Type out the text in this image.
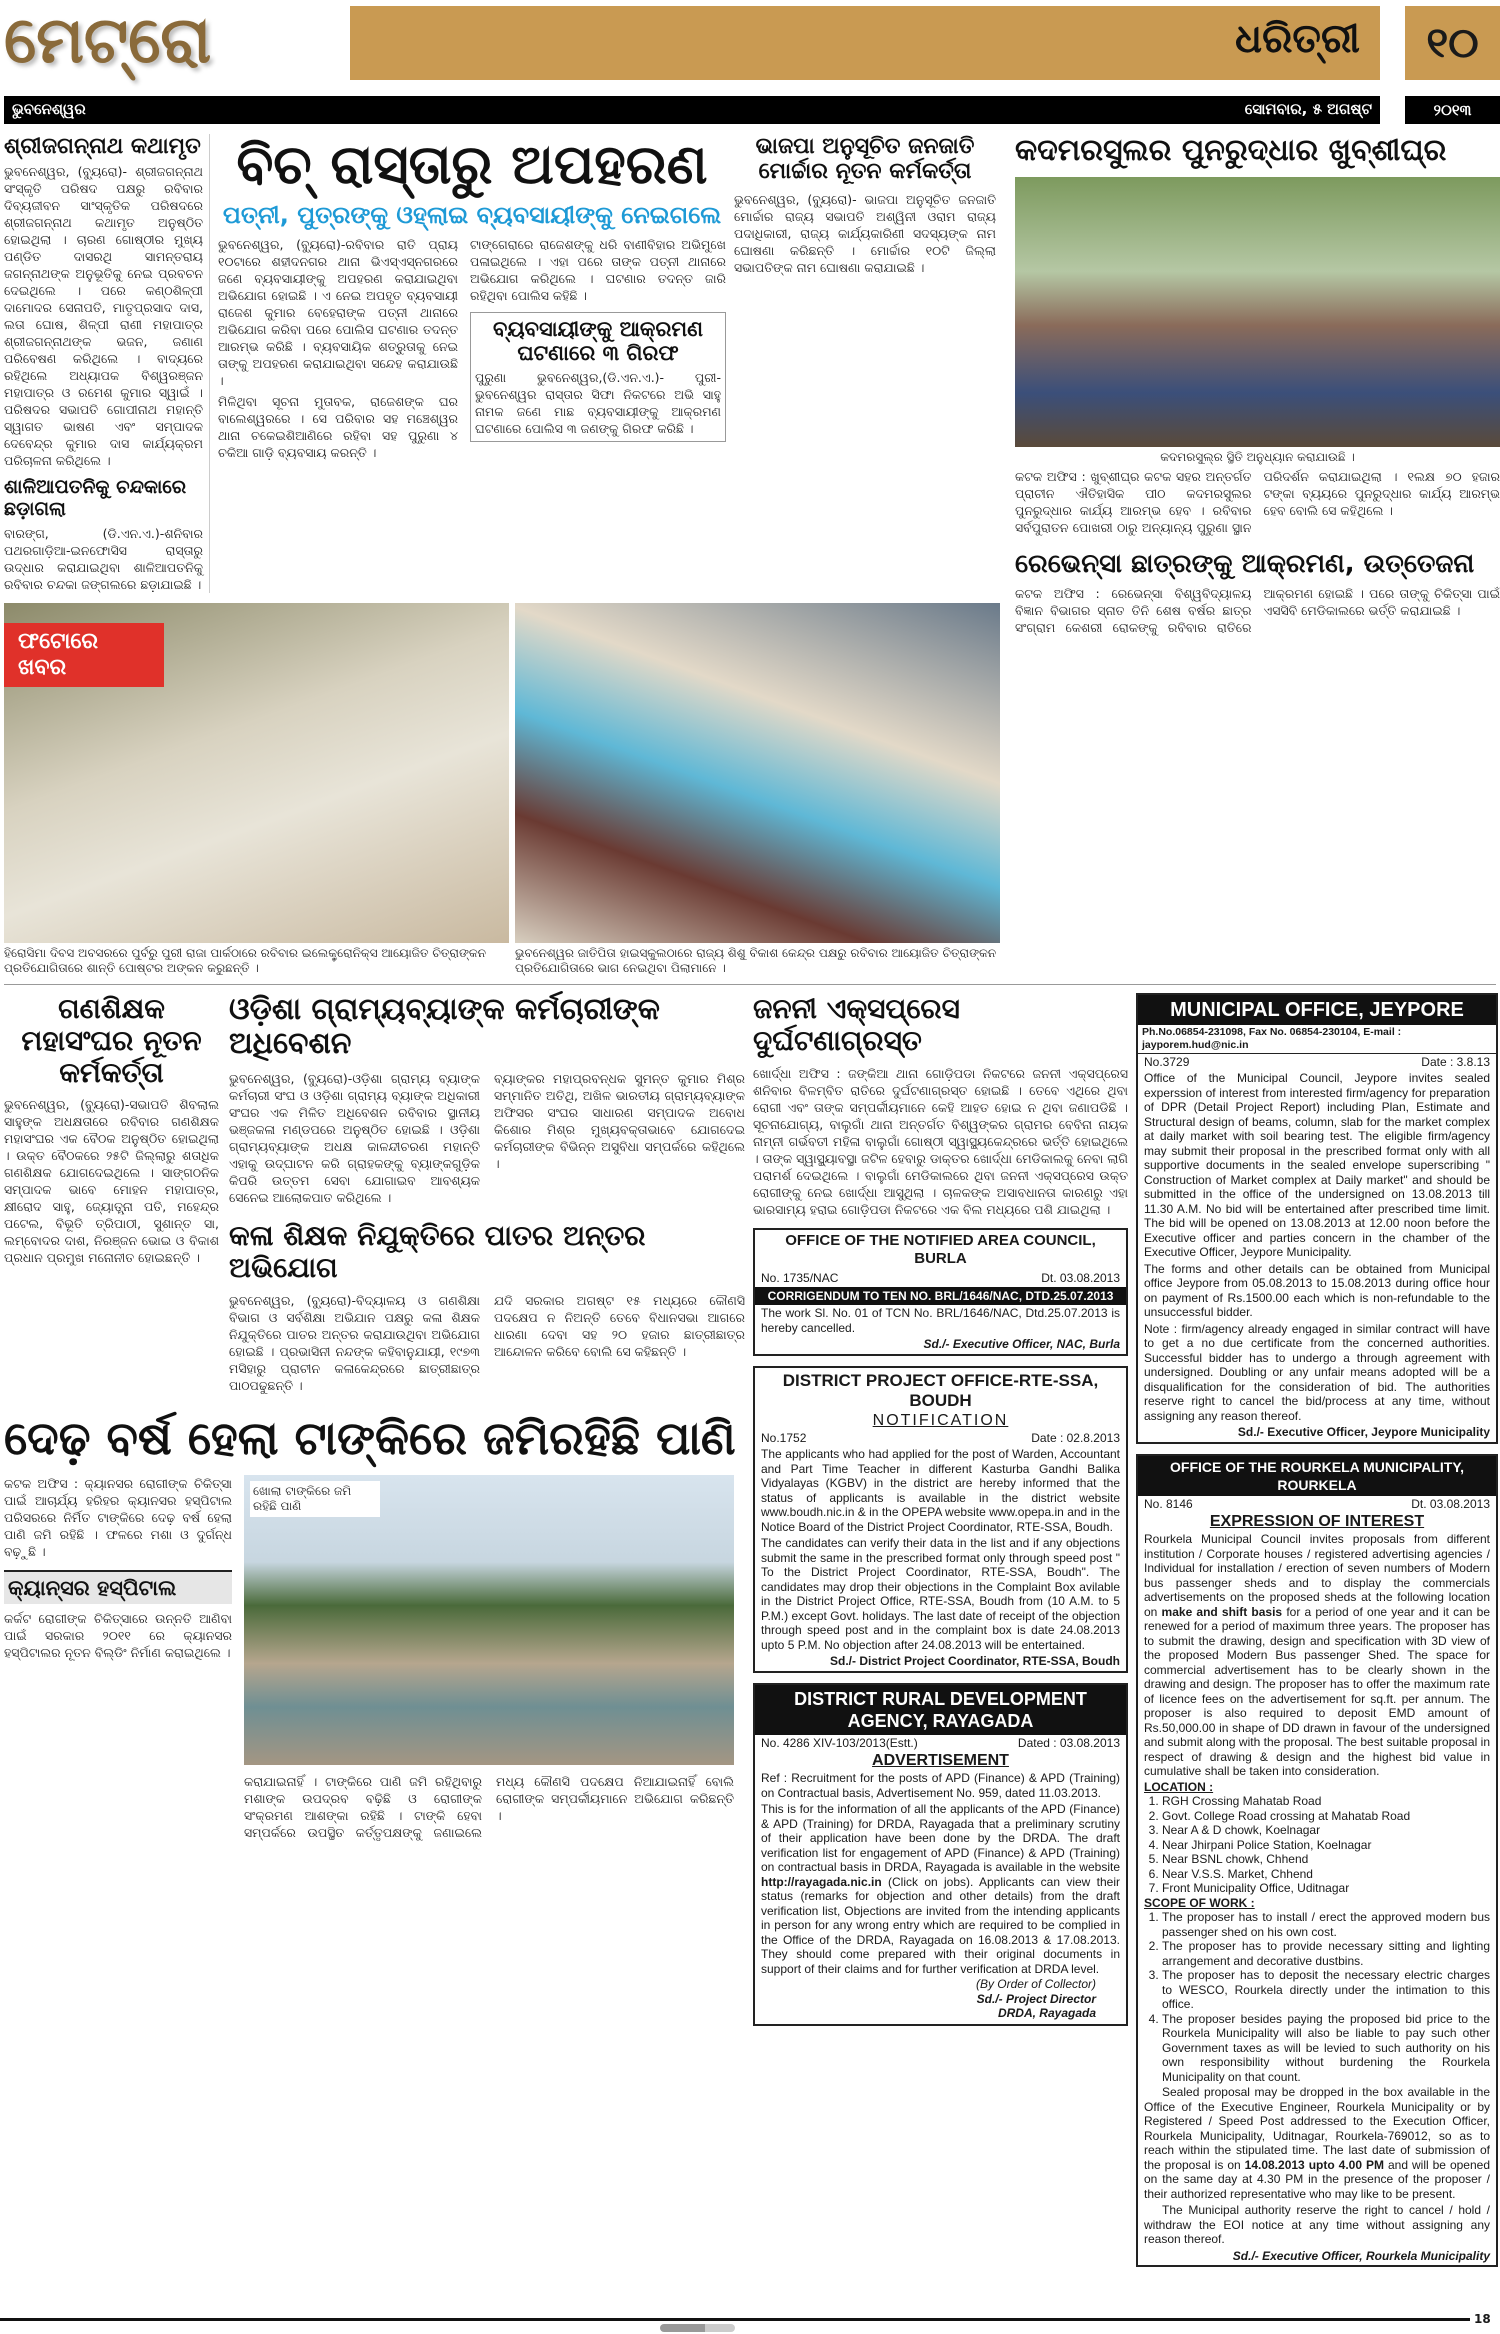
ମେଟ୍ରୋ	ଧରିତ୍ରୀ	୧୦
ଭୁବନେଶ୍ୱର	ସୋମବାର, ୫ ଅଗଷ୍ଟ	୨୦୧୩
ଶ୍ରୀଜଗନ୍ନାଥ କଥାମୃତ
ଭୁବନେଶ୍ୱର, (ବ୍ୟୁରୋ)- ଶ୍ରୀଜଗନ୍ନାଥ ସଂସ୍କୃତି ପରିଷଦ ପକ୍ଷରୁ ରବିବାର ଦିବ୍ୟଜୀବନ ସାଂସ୍କୃତିକ ପରିଷଦରେ ଶ୍ରୀଜଗନ୍ନାଥ କଥାମୃତ ଅନୁଷ୍ଠିତ ହୋଇଥିଲା । ଚାରଣ ଗୋଷ୍ଠୀର ମୁଖ୍ୟ ପଣ୍ଡିତ ଦାସରଥି ସାମନ୍ତରାୟ ଜଗନ୍ନାଥଙ୍କ ଅନୁଭୂତିକୁ ନେଇ ପ୍ରବଚନ ଦେଇଥିଲେ । ପରେ କଣ୍ଠଶିଳ୍ପୀ ଦାମୋଦର ସେନାପତି, ମାତୃପ୍ରସାଦ ଦାସ, ଲତା ଘୋଷ, ଶିଳ୍ପୀ ରାଣୀ ମହାପାତ୍ର ଶ୍ରୀଜଗନ୍ନାଥଙ୍କ ଭଜନ, ଜଣାଣ ପରିବେଷଣ କରିଥିଲେ । ବାଦ୍ୟରେ ରହିଥିଲେ ଅଧ୍ୟାପକ ବିଶ୍ୱରଞ୍ଜନ ମହାପାତ୍ର ଓ ରମେଶ କୁମାର ସ୍ୱାଇଁ । ପରିଷଦର ସଭାପତି ଗୋପୀନାଥ ମହାନ୍ତି ସ୍ୱାଗତ ଭାଷଣ ଏବଂ ସମ୍ପାଦକ ଦେବେନ୍ଦ୍ର କୁମାର ଦାସ କାର୍ଯ୍ୟକ୍ରମ ପରିଚାଳନା କରିଥିଲେ ।
ଶାଳିଆପତନିକୁ ଚନ୍ଦକାରେ ଛଡ଼ାଗଲା
ବାରଙ୍ଗ, (ଡି.ଏନ.ଏ.)-ଶନିବାର ପଥରଗାଡ଼ିଆ-ଇନଫୋସିସ ରାସ୍ତାରୁ ଉଦ୍ଧାର କରାଯାଇଥିବା ଶାଳିଆପତନିକୁ ରବିବାର ଚନ୍ଦକା ଜଙ୍ଗଲରେ ଛଡ଼ାଯାଇଛି ।
ବିଚ୍ ରାସ୍ତାରୁ ଅପହରଣ
ପତ୍ନୀ, ପୁତ୍ରଙ୍କୁ ଓହ୍ଲାଇ ବ୍ୟବସାୟୀଙ୍କୁ ନେଇଗଲେ
ଭୁବନେଶ୍ୱର, (ବ୍ୟୁରୋ)-ରବିବାର ରାତି ପ୍ରାୟ ୧୦ଟାରେ ଶହୀଦନଗର ଥାନା ଭିଏସ୍‌ଏସ୍‌ନଗରରେ ଜଣେ ବ୍ୟବସାୟୀଙ୍କୁ ଅପହରଣ କରାଯାଇଥିବା ଅଭିଯୋଗ ହୋଇଛି । ଏ ନେଇ ଅପହୃତ ବ୍ୟବସାୟୀ ରାଜେଶ କୁମାର ବେହେରାଙ୍କ ପତ୍ନୀ ଥାନାରେ ଅଭିଯୋଗ କରିବା ପରେ ପୋଲିସ ଘଟଣାର ତଦନ୍ତ ଆରମ୍ଭ କରିଛି । ବ୍ୟବସାୟିକ ଶତ୍ରୁତାକୁ ନେଇ ତାଙ୍କୁ ଅପହରଣ କରାଯାଇଥିବା ସନ୍ଦେହ କରାଯାଉଛି ।
ମିଳିଥିବା ସୂଚନା ମୁତାବକ, ରାଜେଶଙ୍କ ଘର ବାଲେଶ୍ୱରରେ । ସେ ପରିବାର ସହ ମଞ୍ଚେଶ୍ୱର ଥାନା ଚକେଇଶିଆଣିରେ ରହିବା ସହ ପୁରୁଣା ୪ ଚକିଆ ଗାଡ଼ି ବ୍ୟବସାୟ କରନ୍ତି ।
ଟାଙ୍ଗେରାରେ ରାଜେଶଙ୍କୁ ଧରି ବାଣୀବିହାର ଅଭିମୁଖେ ପଳାଇଥିଲେ । ଏହା ପରେ ତାଙ୍କ ପତ୍ନୀ ଥାନାରେ ଅଭିଯୋଗ କରିଥିଲେ । ଘଟଣାର ତଦନ୍ତ ଜାରି ରହିଥିବା ପୋଲିସ କହିଛି ।
ବ୍ୟବସାୟୀଙ୍କୁ ଆକ୍ରମଣ ଘଟଣାରେ ୩ ଗିରଫ
ପୁରୁଣା ଭୁବନେଶ୍ୱର,(ଡି.ଏନ.ଏ.)- ପୁରୀ-ଭୁବନେଶ୍ୱର ରାସ୍ତାର ସିଫା ନିକଟରେ ଅଭି ସାହୁ ନାମକ ଜଣେ ମାଛ ବ୍ୟବସାୟୀଙ୍କୁ ଆକ୍ରମଣ ଘଟଣାରେ ପୋଲିସ ୩ ଜଣଙ୍କୁ ଗିରଫ କରିଛି ।
ଭାଜପା ଅନୁସୂଚିତ ଜନଜାତି ମୋର୍ଚ୍ଚାର ନୂତନ କର୍ମକର୍ତ୍ତା
ଭୁବନେଶ୍ୱର, (ବ୍ୟୁରୋ)- ଭାଜପା ଅନୁସୂଚିତ ଜନଜାତି ମୋର୍ଚ୍ଚାର ରାଜ୍ୟ ସଭାପତି ଅଶ୍ୱିନୀ ଓରାମ ରାଜ୍ୟ ପଦାଧିକାରୀ, ରାଜ୍ୟ କାର୍ଯ୍ୟକାରିଣୀ ସଦସ୍ୟଙ୍କ ନାମ ଘୋଷଣା କରିଛନ୍ତି । ମୋର୍ଚ୍ଚାର ୧୦ଟି ଜିଲ୍ଲା ସଭାପତିଙ୍କ ନାମ ଘୋଷଣା କରାଯାଇଛି ।
ଫଟୋରେ ଖବର
ହିରୋସିମା ଦିବସ ଅବସରରେ ପୁର୍ବରୁ ପୁରୀ ରାଜା ପାର୍କଠାରେ ରବିବାର ଇଲେକ୍ଟ୍ରୋନିକ୍ସ ଆୟୋଜିତ ଚିତ୍ରାଙ୍କନ ପ୍ରତିଯୋଗିତାରେ ଶାନ୍ତି ପୋଷ୍ଟର ଅଙ୍କନ କରୁଛନ୍ତି ।
ଭୁବନେଶ୍ୱର ଜାତିପିତା ହାଇସ୍କୁଲଠାରେ ରାଜ୍ୟ ଶିଶୁ ବିକାଶ କେନ୍ଦ୍ର ପକ୍ଷରୁ ରବିବାର ଆୟୋଜିତ ଚିତ୍ରାଙ୍କନ ପ୍ରତିଯୋଗିତାରେ ଭାଗ ନେଇଥିବା ପିଲାମାନେ ।
କଦମରସୁଲର ପୁନରୁଦ୍ଧାର ଖୁବ୍‌ଶୀଘ୍ର
କଦମରସୁଲ୍‌ର ସ୍ଥିତି ଅନୁଧ୍ୟାନ କରାଯାଉଛି ।
କଟକ ଅଫିସ : ଖୁବ୍‌ଶୀଘ୍ର କଟକ ସହର ଅନ୍ତର୍ଗତ ପ୍ରାଚୀନ ଐତିହାସିକ ପୀଠ କଦମରସୁଲର ପୁନରୁଦ୍ଧାର କାର୍ଯ୍ୟ ଆରମ୍ଭ ହେବ । ରବିବାର ସର୍ବପୁରାତନ ପୋଖରୀ ଠାରୁ ଅନ୍ୟାନ୍ୟ ପୁରୁଣା ସ୍ଥାନ ପରିଦର୍ଶନ କରାଯାଇଥିଲା । ୧ଲକ୍ଷ ୭୦ ହଜାର ଟଙ୍କା ବ୍ୟୟରେ ପୁନରୁଦ୍ଧାର କାର୍ଯ୍ୟ ଆରମ୍ଭ ହେବ ବୋଲି ସେ କହିଥିଲେ ।
ରେଭେନ୍ସା ଛାତ୍ରଙ୍କୁ ଆକ୍ରମଣ, ଉତ୍ତେଜନା
କଟକ ଅଫିସ : ରେଭେନ୍ସା ବିଶ୍ୱବିଦ୍ୟାଳୟ ବିଜ୍ଞାନ ବିଭାଗର ସ୍ନାତ ତିନି ଶେଷ ବର୍ଷର ଛାତ୍ର ସଂଗ୍ରାମ କେଶରୀ ରୋକଙ୍କୁ ରବିବାର ରାତିରେ ଆକ୍ରମଣ ହୋଇଛି । ପରେ ତାଙ୍କୁ ଚିକିତ୍ସା ପାଇଁ ଏସସିବି ମେଡିକାଲରେ ଭର୍ତ୍ତି କରାଯାଇଛି ।
ଗଣଶିକ୍ଷକ ମହାସଂଘର ନୂତନ କର୍ମକର୍ତ୍ତା
ଭୁବନେଶ୍ୱର, (ବ୍ୟୁରୋ)-ସଭାପତି ଶିବଲାଲ ସାହୁଙ୍କ ଅଧକ୍ଷତାରେ ରବିବାର ଗଣଶିକ୍ଷକ ମହାସଂଘର ଏକ ବୈଠକ ଅନୁଷ୍ଠିତ ହୋଇଥିଲା । ଉକ୍ତ ବୈଠକରେ ୨୫ଟି ଜିଲ୍ଲାରୁ ଶତାଧିକ ଗଣଶିକ୍ଷକ ଯୋଗଦେଇଥିଲେ । ସାଙ୍ଗଠନିକ ସମ୍ପାଦକ ଭାବେ ମୋହନ ମହାପାତ୍ର, କ୍ଷୀରୋଦ ସାହୁ, ଜ୍ୟୋତ୍ସ୍ନା ପତି, ମହେନ୍ଦ୍ର ପଟେଲ, ବିଭୂତି ତ୍ରିପାଠୀ, ସୁଶାନ୍ତ ସା, ଲମ୍ବୋଦର ଦାଶ, ନିରଞ୍ଜନ ଭୋଇ ଓ ବିକାଶ ପ୍ରଧାନ ପ୍ରମୁଖ ମନୋନୀତ ହୋଇଛନ୍ତି ।
ଓଡ଼ିଶା ଗ୍ରାମ୍ୟବ୍ୟାଙ୍କ କର୍ମଚାରୀଙ୍କ ଅଧିବେଶନ
ଭୁବନେଶ୍ୱର, (ବ୍ୟୁରୋ)-ଓଡ଼ିଶା ଗ୍ରାମ୍ୟ ବ୍ୟାଙ୍କ କର୍ମଚାରୀ ସଂଘ ଓ ଓଡ଼ିଶା ଗ୍ରାମ୍ୟ ବ୍ୟାଙ୍କ ଅଧିକାରୀ ସଂଘର ଏକ ମିଳିତ ଅଧିବେଶନ ରବିବାର ସ୍ଥାନୀୟ ଭଞ୍ଜକଳା ମଣ୍ଡପରେ ଅନୁଷ୍ଠିତ ହୋଇଛି । ଓଡ଼ିଶା ଗ୍ରାମ୍ୟବ୍ୟାଙ୍କ ଅଧକ୍ଷ କାଳନ୍ଦୀଚରଣ ମହାନ୍ତି ଏହାକୁ ଉଦ୍‌ଘାଟନ କରି ଗ୍ରାହକଙ୍କୁ ବ୍ୟାଙ୍କଗୁଡ଼ିକ କିପରି ଉତ୍ତମ ସେବା ଯୋଗାଇବ ଆବଶ୍ୟକ ସେନେଇ ଆଲୋକପାତ କରିଥିଲେ ।
ବ୍ୟାଙ୍କର ମହାପ୍ରବନ୍ଧକ ସୁମନ୍ତ କୁମାର ମିଶ୍ର ସମ୍ମାନିତ ଅତିଥି, ଅଖିଳ ଭାରତୀୟ ଗ୍ରାମ୍ୟବ୍ୟାଙ୍କ ଅଫିସର ସଂଘର ସାଧାରଣ ସମ୍ପାଦକ ଅବୋଧ କିଶୋର ମିଶ୍ର ମୁଖ୍ୟବକ୍ତାଭାବେ ଯୋଗଦେଇ କର୍ମଚାରୀଙ୍କ ବିଭିନ୍ନ ଅସୁବିଧା ସମ୍ପର୍କରେ କହିଥିଲେ ।
କଳା ଶିକ୍ଷକ ନିଯୁକ୍ତିରେ ପାତର ଅନ୍ତର ଅଭିଯୋଗ
ଭୁବନେଶ୍ୱର, (ବ୍ୟୁରୋ)-ବିଦ୍ୟାଳୟ ଓ ଗଣଶିକ୍ଷା ବିଭାଗ ଓ ସର୍ବଶିକ୍ଷା ଅଭିଯାନ ପକ୍ଷରୁ କଳା ଶିକ୍ଷକ ନିଯୁକ୍ତିରେ ପାତର ଅନ୍ତର କରାଯାଉଥିବା ଅଭିଯୋଗ ହୋଇଛି । ପ୍ରଭାସିନୀ ନନ୍ଦଙ୍କ କହିବାନୁଯାୟୀ, ୧୯୭୩ ମସିହାରୁ ପ୍ରାଚୀନ କଳାକେନ୍ଦ୍ରରେ ଛାତ୍ରୀଛାତ୍ର ପାଠପଢୁଛନ୍ତି ।
ଯଦି ସରକାର ଅଗଷ୍ଟ ୧୫ ମଧ୍ୟରେ କୌଣସି ପଦକ୍ଷେପ ନ ନିଅନ୍ତି ତେବେ ବିଧାନସଭା ଆଗରେ ଧାରଣା ଦେବା ସହ ୨୦ ହଜାର ଛାତ୍ରୀଛାତ୍ର ଆନ୍ଦୋଳନ କରିବେ ବୋଲି ସେ କହିଛନ୍ତି ।
ଦେଢ଼ ବର୍ଷ ହେଲା ଟାଙ୍କିରେ ଜମିରହିଛି ପାଣି
କଟକ ଅଫିସ : କ୍ୟାନସର ରୋଗୀଙ୍କ ଚିକିତ୍ସା ପାଇଁ ଆଚାର୍ଯ୍ୟ ହରିହର କ୍ୟାନସର ହସ୍ପିଟାଲ ପରିସରରେ ନିର୍ମିତ ଟାଙ୍କିରେ ଦେଢ଼ ବର୍ଷ ହେଲା ପାଣି ଜମି ରହିଛି । ଫଳରେ ମଶା ଓ ଦୁର୍ଗନ୍ଧ ବଢ଼ୁଛି ।
କ୍ୟାନ୍ସର ହସ୍ପିଟାଲ
କର୍କଟ ରୋଗୀଙ୍କ ଚିକିତ୍ସାରେ ଉନ୍ନତି ଆଣିବା ପାଇଁ ସରକାର ୨୦୧୧ ରେ କ୍ୟାନସର ହସ୍ପିଟାଲର ନୂତନ ବିଲ୍ଡିଂ ନିର୍ମାଣ କରାଇଥିଲେ ।
ଖୋଲା ଟାଙ୍କିରେ ଜମି ରହିଛି ପାଣି
କରାଯାଇନାହିଁ । ଟାଙ୍କିରେ ପାଣି ଜମି ରହିଥିବାରୁ ମଶାଙ୍କ ଉପଦ୍ରବ ବଢ଼ିଛି ଓ ରୋଗୀଙ୍କ ସଂକ୍ରମଣ ଆଶଙ୍କା ରହିଛି । ଟାଙ୍କି ହେବା ସମ୍ପର୍କରେ ଉପସ୍ଥିତ କର୍ତ୍ତୃପକ୍ଷଙ୍କୁ ଜଣାଇଲେ ମଧ୍ୟ କୌଣସି ପଦକ୍ଷେପ ନିଆଯାଇନାହିଁ ବୋଲି ରୋଗୀଙ୍କ ସମ୍ପର୍କୀୟମାନେ ଅଭିଯୋଗ କରିଛନ୍ତି ।
ଜନନୀ ଏକ୍ସପ୍ରେସ ଦୁର୍ଘଟଣାଗ୍ରସ୍ତ
ଖୋର୍ଦ୍ଧା ଅଫିସ : ଜଙ୍କିଆ ଥାନା ଗୋଡ଼ିପଡା ନିକଟରେ ଜନନୀ ଏକ୍ସପ୍ରେସ ଶନିବାର ବିଳମ୍ବିତ ରାତିରେ ଦୁର୍ଘଟଣାଗ୍ରସ୍ତ ହୋଇଛି । ତେବେ ଏଥିରେ ଥିବା ରୋଗୀ ଏବଂ ତାଙ୍କ ସମ୍ପର୍କୀୟମାନେ କେହି ଆହତ ହୋଇ ନ ଥିବା ଜଣାପଡିଛି । ସୂଚନାଯୋଗ୍ୟ, ବାଲୁଗାଁ ଥାନା ଅନ୍ତର୍ଗତ ବିଶ୍ୱଙ୍କର ଗ୍ରାମର ବେବିନା ନାୟକ ନାମ୍ନୀ ଗର୍ଭବତୀ ମହିଳା ବାଲୁଗାଁ ଗୋଷ୍ଠୀ ସ୍ୱାସ୍ଥ୍ୟକେନ୍ଦ୍ରରେ ଭର୍ତ୍ତି ହୋଇଥିଲେ । ତାଙ୍କ ସ୍ୱାସ୍ଥ୍ୟାବସ୍ଥା ଜଟିଳ ହେବାରୁ ଡାକ୍ତର ଖୋର୍ଦ୍ଧା ମେଡିକାଲକୁ ନେବା ଲାଗି ପରାମର୍ଶ ଦେଇଥିଲେ । ବାଲୁଗାଁ ମେଡିକାଲରେ ଥିବା ଜନନୀ ଏକ୍ସପ୍ରେସ ଉକ୍ତ ରୋଗୀଙ୍କୁ ନେଇ ଖୋର୍ଦ୍ଧା ଆସୁଥିଲା । ଚାଳକଙ୍କ ଅସାବଧାନତା କାରଣରୁ ଏହା ଭାରସାମ୍ୟ ହରାଇ ଗୋଡ଼ିପଡା ନିକଟରେ ଏକ ବିଲ ମଧ୍ୟରେ ପଶି ଯାଇଥିଲା ।
OFFICE OF THE NOTIFIED AREA COUNCIL, BURLA
No. 1735/NAC	Dt. 03.08.2013
CORRIGENDUM TO TEN NO. BRL/1646/NAC, DTD.25.07.2013
The work Sl. No. 01 of TCN No. BRL/1646/NAC, Dtd.25.07.2013 is hereby cancelled.
Sd./- Executive Officer, NAC, Burla
DISTRICT PROJECT OFFICE-RTE-SSA, BOUDH
NOTIFICATION
No.1752	Date : 02.8.2013
The applicants who had applied for the post of Warden, Accountant and Part Time Teacher in different Kasturba Gandhi Balika Vidyalayas (KGBV) in the district are hereby informed that the status of applicants is available in the district website www.boudh.nic.in & in the OPEPA website www.opepa.in and in the Notice Board of the District Project Coordinator, RTE-SSA, Boudh.
The candidates can verify their data in the list and if any objections submit the same in the prescribed format only through speed post " To the District Project Coordinator, RTE-SSA, Boudh". The candidates may drop their objections in the Complaint Box avilable in the District Project Office, RTE-SSA, Boudh from (10 A.M. to 5 P.M.) except Govt. holidays. The last date of receipt of the objection through speed post and in the complaint box is date 24.08.2013 upto 5 P.M. No objection after 24.08.2013 will be entertained.
Sd./- District Project Coordinator, RTE-SSA, Boudh
DISTRICT RURAL DEVELOPMENT AGENCY, RAYAGADA
No. 4286 XIV-103/2013(Estt.)	Dated : 03.08.2013
ADVERTISEMENT
Ref : Recruitment for the posts of APD (Finance) & APD (Training) on Contractual basis, Advertisement No. 959, dated 11.03.2013.
This is for the information of all the applicants of the APD (Finance) & APD (Training) for DRDA, Rayagada that a preliminary scrutiny of their application have been done by the DRDA. The draft verification list for engagement of APD (Finance) & APD (Training) on contractual basis in DRDA, Rayagada is available in the website http://rayagada.nic.in (Click on jobs). Applicants can view their status (remarks for objection and other details) from the draft verification list, Objections are invited from the intending applicants in person for any wrong entry which are required to be complied in the Office of the DRDA, Rayagada on 16.08.2013 & 17.08.2013. They should come prepared with their original documents in support of their claims and for further verification at DRDA level.
(By Order of Collector)
Sd./- Project Director
DRDA, Rayagada
MUNICIPAL OFFICE, JEYPORE
Ph.No.06854-231098, Fax No. 06854-230104, E-mail : jayporem.hud@nic.in
No.3729	Date : 3.8.13
Office of the Municipal Council, Jeypore invites sealed experssion of interest from interested firm/agency for preparation of DPR (Detail Project Report) including Plan, Estimate and Structural design of beams, column, slab for the market complex at daily market with soil bearing test. The eligible firm/agency may submit their proposal in the prescribed format only with all supportive documents in the sealed envelope superscribing " Construction of Market complex at Daily market" and should be submitted in the office of the undersigned on 13.08.2013 till 11.30 A.M. No bid will be entertained after prescribed time limit. The bid will be opened on 13.08.2013 at 12.00 noon before the Executive officer and parties concern in the chamber of the Executive Officer, Jeypore Municipality.
The forms and other details can be obtained from Municipal office Jeypore from 05.08.2013 to 15.08.2013 during office hour on payment of Rs.1500.00 each which is non-refundable to the unsuccessful bidder.
Note : firm/agency already engaged in similar contract will have to get a no due certificate from the concerned authorities. Successful bidder has to undergo a through agreement with undersigned. Doubling or any unfair means adopted will be a disqualification for the consideration of bid. The authorities reserve right to cancel the bid/process at any time, without assigning any reason thereof.
Sd./- Executive Officer, Jeypore Municipality
OFFICE OF THE ROURKELA MUNICIPALITY, ROURKELA
No. 8146	Dt. 03.08.2013
EXPRESSION OF INTEREST
Rourkela Municipal Council invites proposals from different institution / Corporate houses / registered advertising agencies / Individual for installation / erection of seven numbers of Modern bus passenger sheds and to display the commercials advertisements on the proposed sheds at the following location on make and shift basis for a period of one year and it can be renewed for a period of maximum three years. The proposer has to submit the drawing, design and specification with 3D view of the proposed Modern Bus passenger Shed. The space for commercial advertisement has to be clearly shown in the drawing and design. The proposer has to offer the maximum rate of licence fees on the advertisement for sq.ft. per annum. The proposer is also required to deposit EMD amount of Rs.50,000.00 in shape of DD drawn in favour of the undersigned and submit along with the proposal. The best suitable proposal in respect of drawing & design and the highest bid value in cumulative shall be taken into consideration.
LOCATION :
1. RGH Crossing Mahatab Road
2. Govt. College Road crossing at Mahatab Road
3. Near A & D chowk, Koelnagar
4. Near Jhirpani Police Station, Koelnagar
5. Near BSNL chowk, Chhend
6. Near V.S.S. Market, Chhend
7. Front Municipality Office, Uditnagar
SCOPE OF WORK :
1. The proposer has to install / erect the approved modern bus passenger shed on his own cost.
2. The proposer has to provide necessary sitting and lighting arrangement and decorative dustbins.
3. The proposer has to deposit the necessary electric charges to WESCO, Rourkela directly under the intimation to this office.
4. The proposer besides paying the proposed bid price to the Rourkela Municipality will also be liable to pay such other Government taxes as will be levied to such authority on his own responsibility without burdening the Rourkela Municipality on that count.
Sealed proposal may be dropped in the box available in the Office of the Executive Engineer, Rourkela Municipality or by Registered / Speed Post addressed to the Execution Officer, Rourkela Municipality, Uditnagar, Rourkela-769012, so as to reach within the stipulated time. The last date of submission of the proposal is on 14.08.2013 upto 4.00 PM and will be opened on the same day at 4.30 PM in the presence of the proposer / their authorized representative who may like to be present.
The Municipal authority reserve the right to cancel / hold / withdraw the EOI notice at any time without assigning any reason thereof.
Sd./- Executive Officer, Rourkela Municipality
18
